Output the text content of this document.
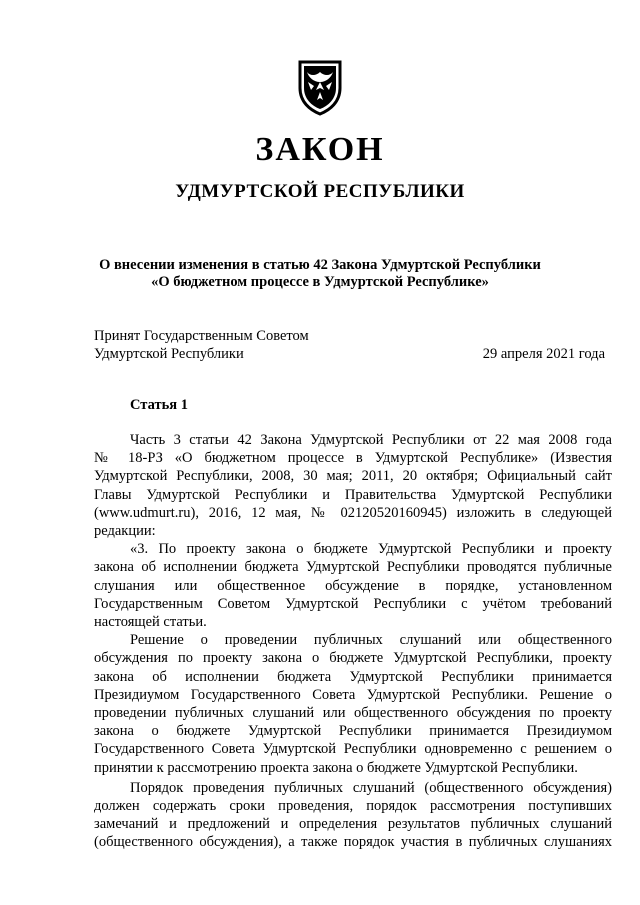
ЗАКОН
УДМУРТСКОЙ РЕСПУБЛИКИ
О внесении изменения в статью 42 Закона Удмуртской Республики
«О бюджетном процессе в Удмуртской Республике»
Принят Государственным Советом
Удмуртской Республики	29 апреля 2021 года
Статья 1
Часть 3 статьи 42 Закона Удмуртской Республики от 22 мая 2008 года
№ 18-РЗ «О бюджетном процессе в Удмуртской Республике» (Известия
Удмуртской Республики, 2008, 30 мая; 2011, 20 октября; Официальный сайт
Главы Удмуртской Республики и Правительства Удмуртской Республики
(www.udmurt.ru), 2016, 12 мая, № 02120520160945) изложить в следующей
редакции:
«3. По проекту закона о бюджете Удмуртской Республики и проекту
закона об исполнении бюджета Удмуртской Республики проводятся публичные
слушания или общественное обсуждение в порядке, установленном
Государственным Советом Удмуртской Республики с учётом требований
настоящей статьи.
Решение о проведении публичных слушаний или общественного
обсуждения по проекту закона о бюджете Удмуртской Республики, проекту
закона об исполнении бюджета Удмуртской Республики принимается
Президиумом Государственного Совета Удмуртской Республики. Решение о
проведении публичных слушаний или общественного обсуждения по проекту
закона о бюджете Удмуртской Республики принимается Президиумом
Государственного Совета Удмуртской Республики одновременно с решением о
принятии к рассмотрению проекта закона о бюджете Удмуртской Республики.
Порядок проведения публичных слушаний (общественного обсуждения)
должен содержать сроки проведения, порядок рассмотрения поступивших
замечаний и предложений и определения результатов публичных слушаний
(общественного обсуждения), а также порядок участия в публичных слушаниях
